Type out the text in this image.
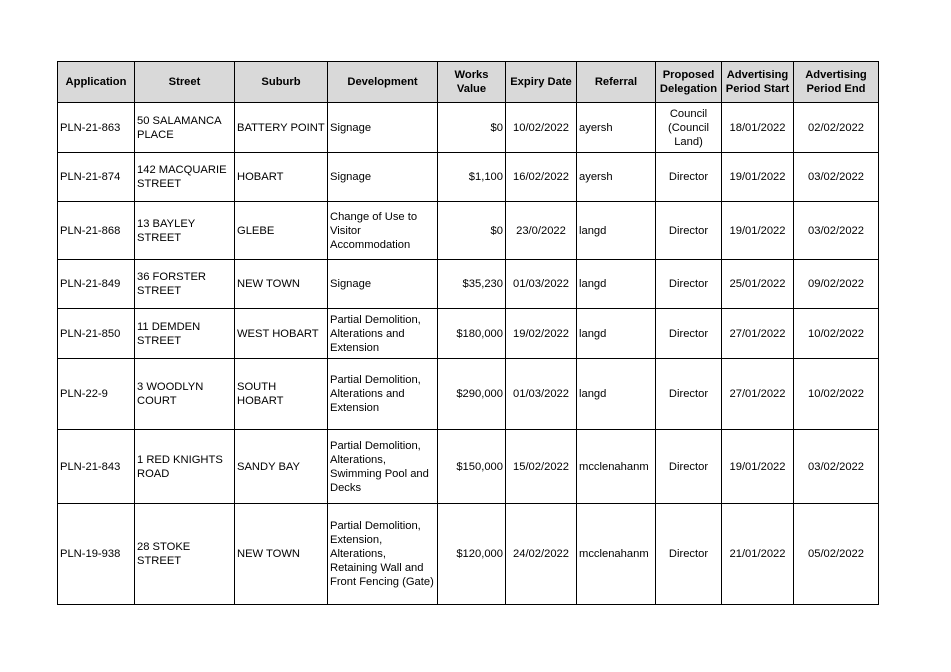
Application	Street	Suburb	Development	Works Value	Expiry Date	Referral	Proposed Delegation	Advertising Period Start	Advertising Period End
PLN-21-863	50 SALAMANCA PLACE	BATTERY POINT	Signage	$0	10/02/2022	ayersh	Council (Council Land)	18/01/2022	02/02/2022
PLN-21-874	142 MACQUARIE STREET	HOBART	Signage	$1,100	16/02/2022	ayersh	Director	19/01/2022	03/02/2022
PLN-21-868	13 BAYLEY STREET	GLEBE	Change of Use to Visitor Accommodation	$0	23/0/2022	langd	Director	19/01/2022	03/02/2022
PLN-21-849	36 FORSTER STREET	NEW TOWN	Signage	$35,230	01/03/2022	langd	Director	25/01/2022	09/02/2022
PLN-21-850	11 DEMDEN STREET	WEST HOBART	Partial Demolition, Alterations and Extension	$180,000	19/02/2022	langd	Director	27/01/2022	10/02/2022
PLN-22-9	3 WOODLYN COURT	SOUTH HOBART	Partial Demolition, Alterations and Extension	$290,000	01/03/2022	langd	Director	27/01/2022	10/02/2022
PLN-21-843	1 RED KNIGHTS ROAD	SANDY BAY	Partial Demolition, Alterations, Swimming Pool and Decks	$150,000	15/02/2022	mcclenahanm	Director	19/01/2022	03/02/2022
PLN-19-938	28 STOKE STREET	NEW TOWN	Partial Demolition, Extension, Alterations, Retaining Wall and Front Fencing (Gate)	$120,000	24/02/2022	mcclenahanm	Director	21/01/2022	05/02/2022
